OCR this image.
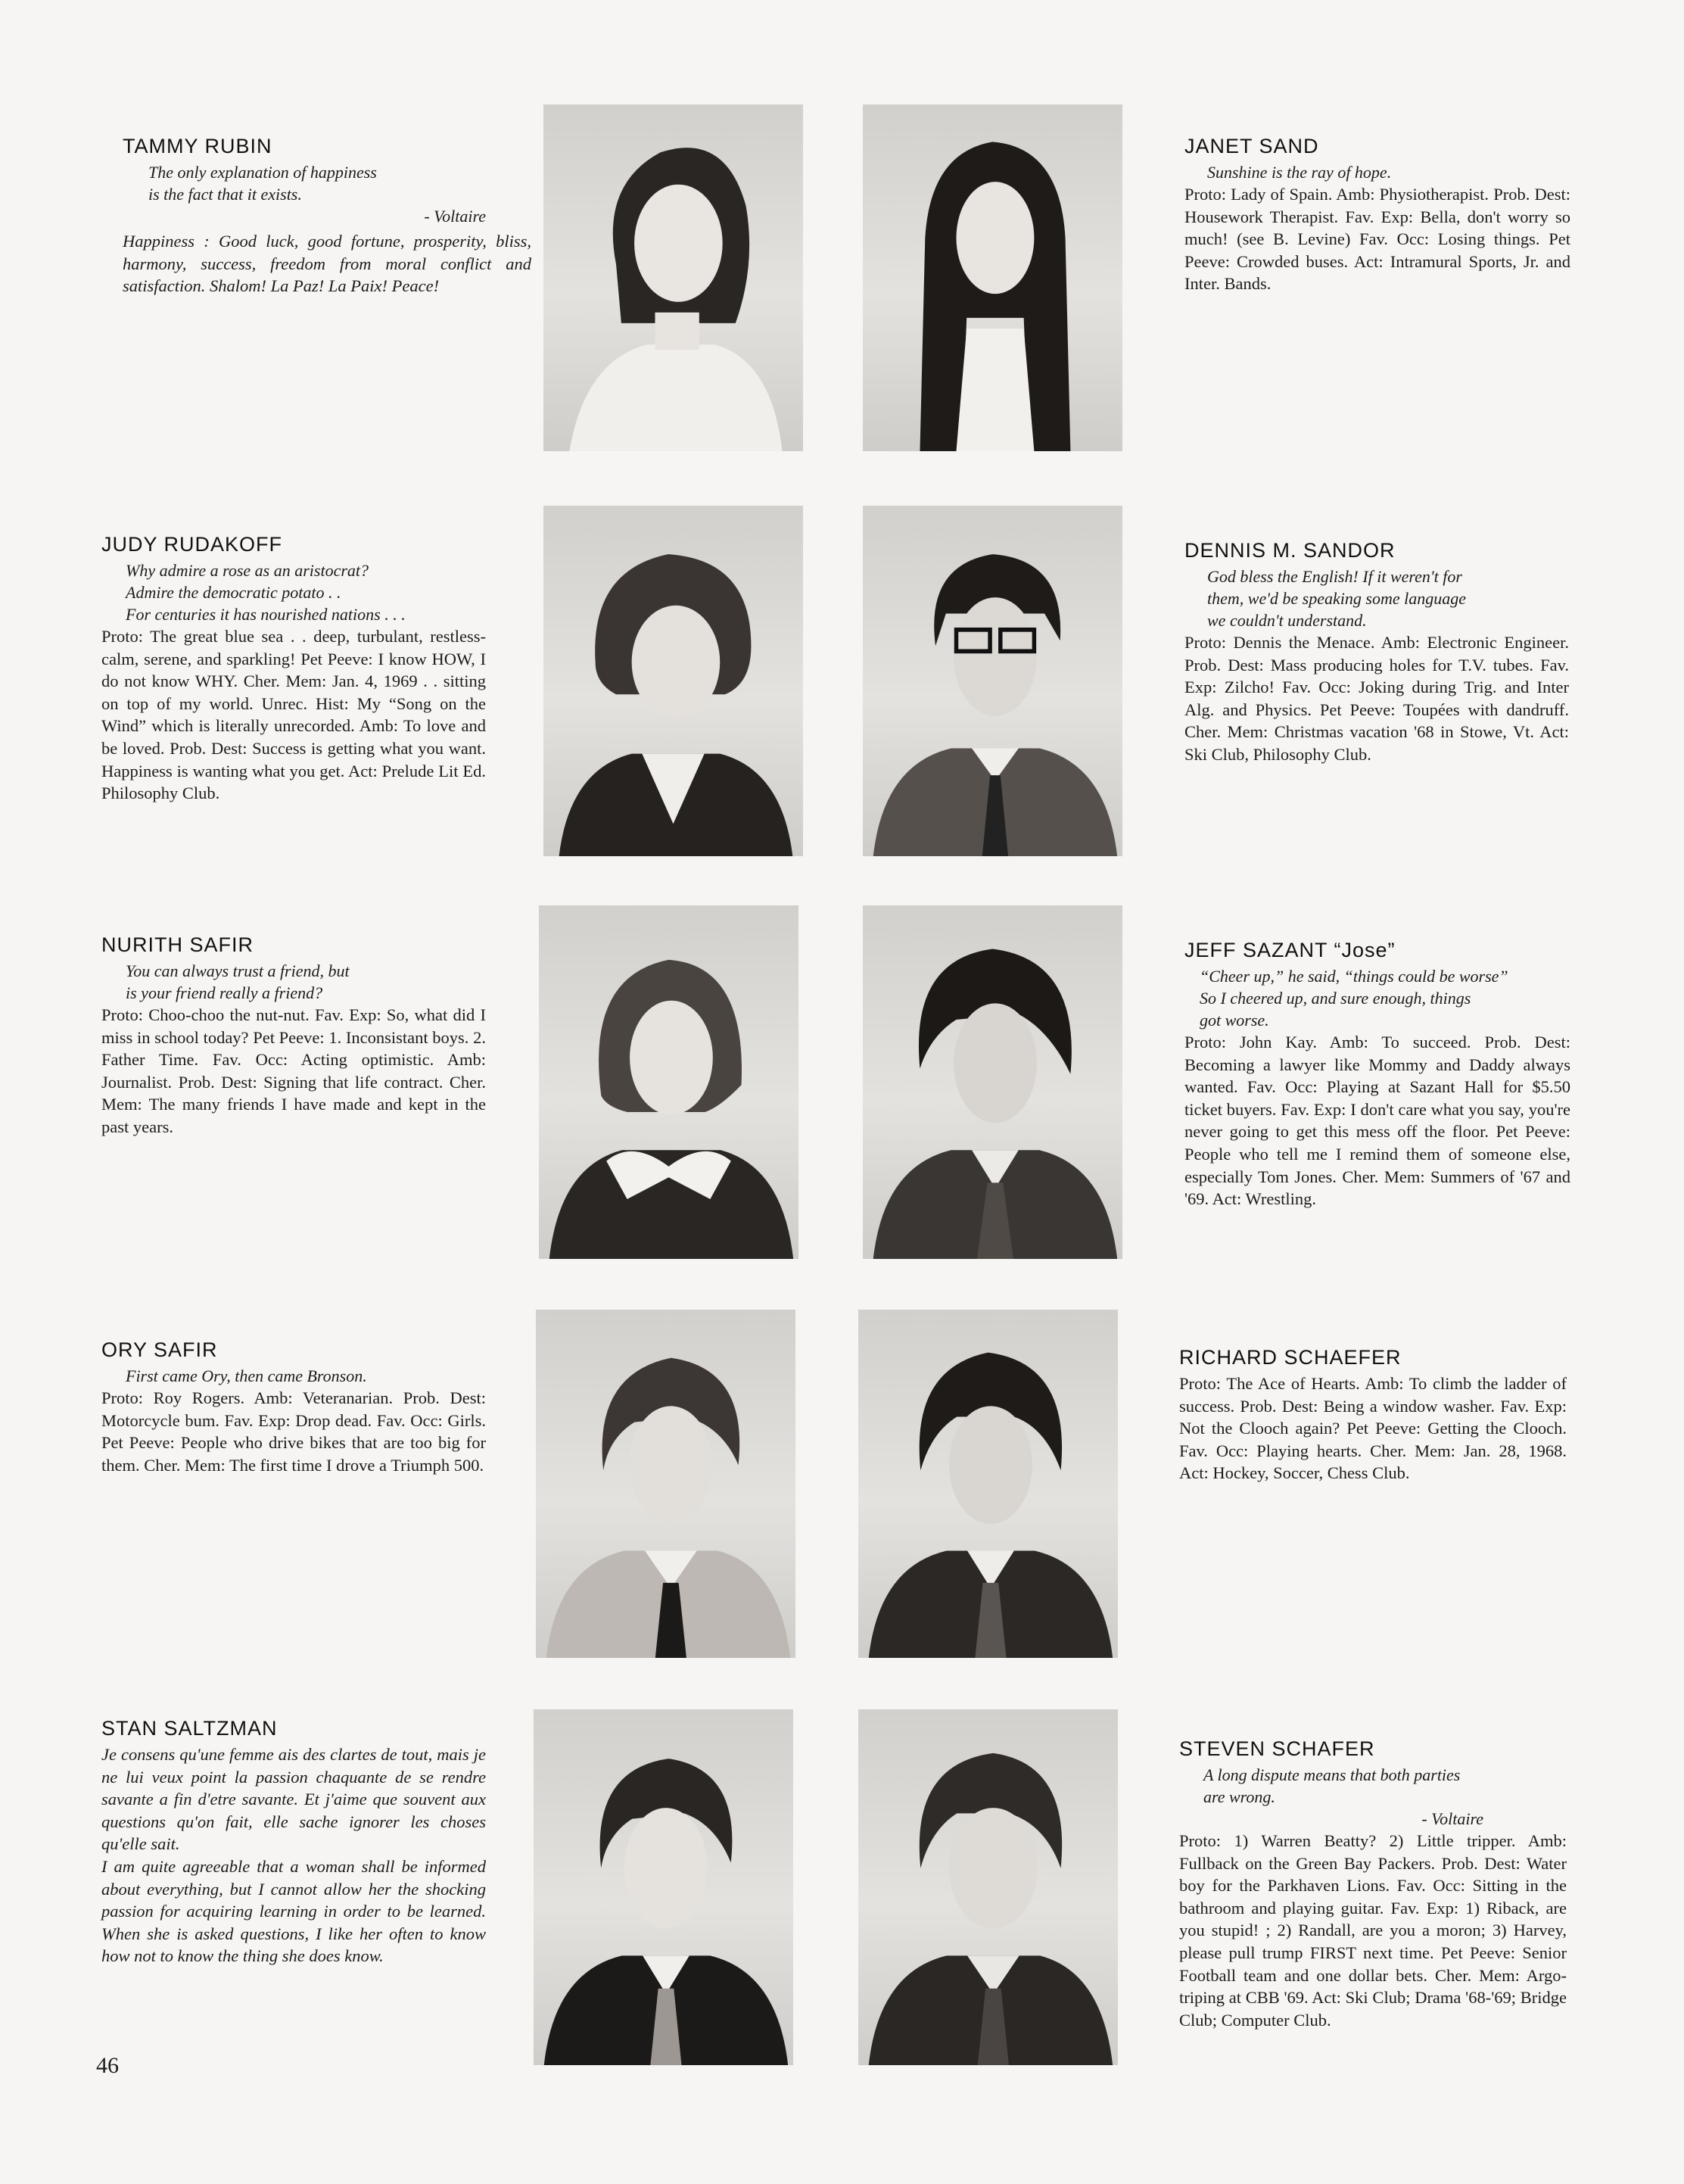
TAMMY RUBIN

The only explanation of happiness
is the fact that it exists.

- Voltaire

Happiness : Good luck, good fortune, prosperity, bliss, harmony, success, freedom from moral conflict and satisfaction. Shalom! La Paz! La Paix! Peace!

JANET SAND

Sunshine is the ray of hope.

Proto: Lady of Spain. Amb: Physiotherapist. Prob. Dest: Housework Therapist. Fav. Exp: Bella, don't worry so much! (see B. Levine) Fav. Occ: Losing things. Pet Peeve: Crowded buses. Act: Intramural Sports, Jr. and Inter. Bands.

JUDY RUDAKOFF

Why admire a rose as an aristocrat?
Admire the democratic potato . .
For centuries it has nourished nations . . .

Proto: The great blue sea . . deep, turbulant, restless-calm, serene, and sparkling! Pet Peeve: I know HOW, I do not know WHY. Cher. Mem: Jan. 4, 1969 . . sitting on top of my world. Unrec. Hist: My “Song on the Wind” which is literally unrecorded. Amb: To love and be loved. Prob. Dest: Success is getting what you want. Happiness is wanting what you get. Act: Prelude Lit Ed. Philosophy Club.

DENNIS M. SANDOR

God bless the English! If it weren't for
them, we'd be speaking some language
we couldn't understand.

Proto: Dennis the Menace. Amb: Electronic Engineer. Prob. Dest: Mass producing holes for T.V. tubes. Fav. Exp: Zilcho! Fav. Occ: Joking during Trig. and Inter Alg. and Physics. Pet Peeve: Toupées with dandruff. Cher. Mem: Christmas vacation '68 in Stowe, Vt. Act: Ski Club, Philosophy Club.

NURITH SAFIR

You can always trust a friend, but
is your friend really a friend?

Proto: Choo-choo the nut-nut. Fav. Exp: So, what did I miss in school today? Pet Peeve: 1. Inconsistant boys. 2. Father Time. Fav. Occ: Acting optimistic. Amb: Journalist. Prob. Dest: Signing that life contract. Cher. Mem: The many friends I have made and kept in the past years.

JEFF SAZANT “Jose”

“Cheer up,” he said, “things could be worse”
So I cheered up, and sure enough, things
got worse.

Proto: John Kay. Amb: To succeed. Prob. Dest: Becoming a lawyer like Mommy and Daddy always wanted. Fav. Occ: Playing at Sazant Hall for $5.50 ticket buyers. Fav. Exp: I don't care what you say, you're never going to get this mess off the floor. Pet Peeve: People who tell me I remind them of someone else, especially Tom Jones. Cher. Mem: Summers of '67 and '69. Act: Wrestling.

ORY SAFIR

First came Ory, then came Bronson.

Proto: Roy Rogers. Amb: Veteranarian. Prob. Dest: Motorcycle bum. Fav. Exp: Drop dead. Fav. Occ: Girls. Pet Peeve: People who drive bikes that are too big for them. Cher. Mem: The first time I drove a Triumph 500.

RICHARD SCHAEFER

Proto: The Ace of Hearts. Amb: To climb the ladder of success. Prob. Dest: Being a window washer. Fav. Exp: Not the Clooch again? Pet Peeve: Getting the Clooch. Fav. Occ: Playing hearts. Cher. Mem: Jan. 28, 1968. Act: Hockey, Soccer, Chess Club.

STAN SALTZMAN

Je consens qu'une femme ais des clartes de tout, mais je ne lui veux point la passion chaquante de se rendre savante a fin d'etre savante. Et j'aime que souvent aux questions qu'on fait, elle sache ignorer les choses qu'elle sait.

I am quite agreeable that a woman shall be informed about everything, but I cannot allow her the shocking passion for acquiring learning in order to be learned. When she is asked questions, I like her often to know how not to know the thing she does know.

STEVEN SCHAFER

A long dispute means that both parties
are wrong.

- Voltaire

Proto: 1) Warren Beatty? 2) Little tripper. Amb: Fullback on the Green Bay Packers. Prob. Dest: Water boy for the Parkhaven Lions. Fav. Occ: Sitting in the bathroom and playing guitar. Fav. Exp: 1) Riback, are you stupid! ; 2) Randall, are you a moron; 3) Harvey, please pull trump FIRST next time. Pet Peeve: Senior Football team and one dollar bets. Cher. Mem: Argo-triping at CBB '69. Act: Ski Club; Drama '68-'69; Bridge Club; Computer Club.

46
